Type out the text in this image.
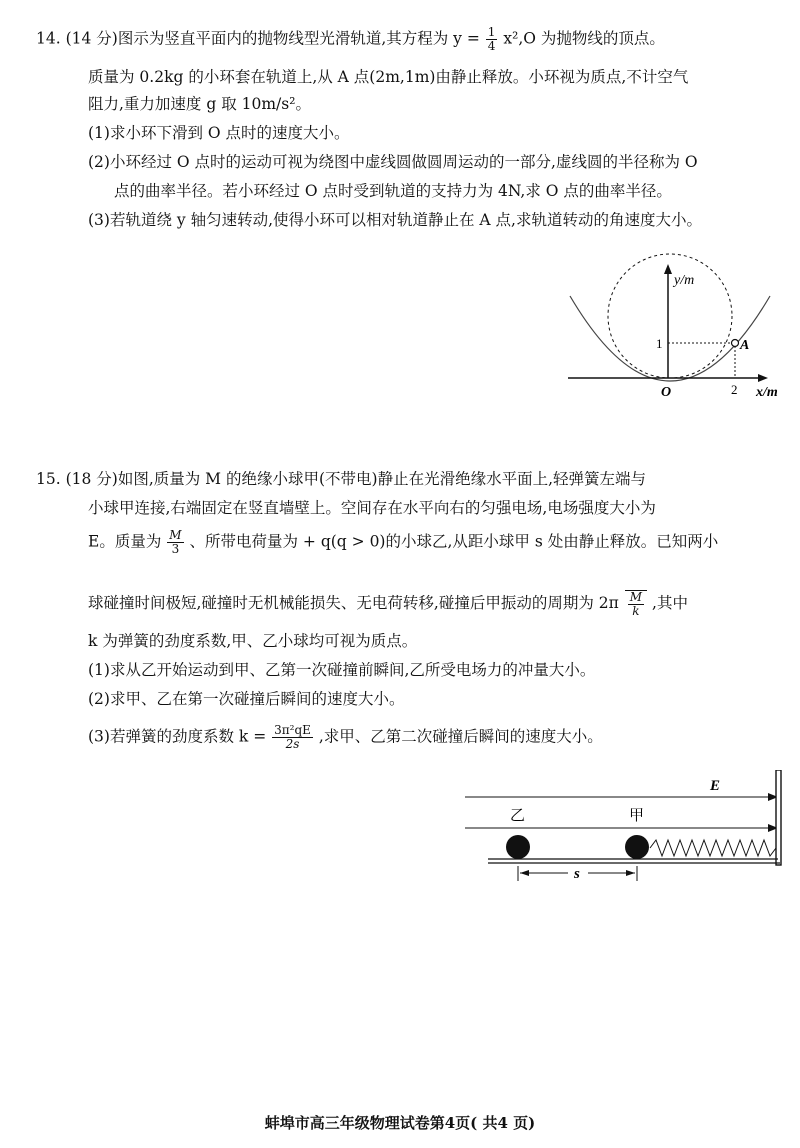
14. (14 分)图示为竖直平面内的抛物线型光滑轨道,其方程为 $y = \frac{1}{4} x^2,O$ 为抛物线的顶点。
质量为 0.2kg 的小环套在轨道上,从 A 点(2m,1m)由静止释放。小环视为质点,不计空气
阻力,重力加速度 g 取 10m/s²。
(1)求小环下滑到 O 点时的速度大小。
(2)小环经过 O 点时的运动可视为绕图中虚线圆做圆周运动的一部分,虚线圆的半径称为 O
点的曲率半径。若小环经过 O 点时受到轨道的支持力为 4N,求 O 点的曲率半径。
(3)若轨道绕 y 轴匀速转动,使得小环可以相对轨道静止在 A 点,求轨道转动的角速度大小。
y/m
x/m
O
1
2
A
15. (18 分)如图,质量为 M 的绝缘小球甲(不带电)静止在光滑绝缘水平面上,轻弹簧左端与
小球甲连接,右端固定在竖直墙壁上。空间存在水平向右的匀强电场,电场强度大小为
E。质量为 $\frac{M}{3}$ 、所带电荷量为 + q(q > 0)的小球乙,从距小球甲 s 处由静止释放。已知两小
球碰撞时间极短,碰撞时无机械能损失、无电荷转移,碰撞后甲振动的周期为 $2\pi \frac{M}{k}$ ,其中
k 为弹簧的劲度系数,甲、乙小球均可视为质点。
(1)求从乙开始运动到甲、乙第一次碰撞前瞬间,乙所受电场力的冲量大小。
(2)求甲、乙在第一次碰撞后瞬间的速度大小。
(3)若弹簧的劲度系数 $k = \frac{\text{3π²qE}}{2s}$ ,求甲、乙第二次碰撞后瞬间的速度大小。
E
乙	甲
s
蚌埠市高三年级物理试卷第4页( 共4 页)
